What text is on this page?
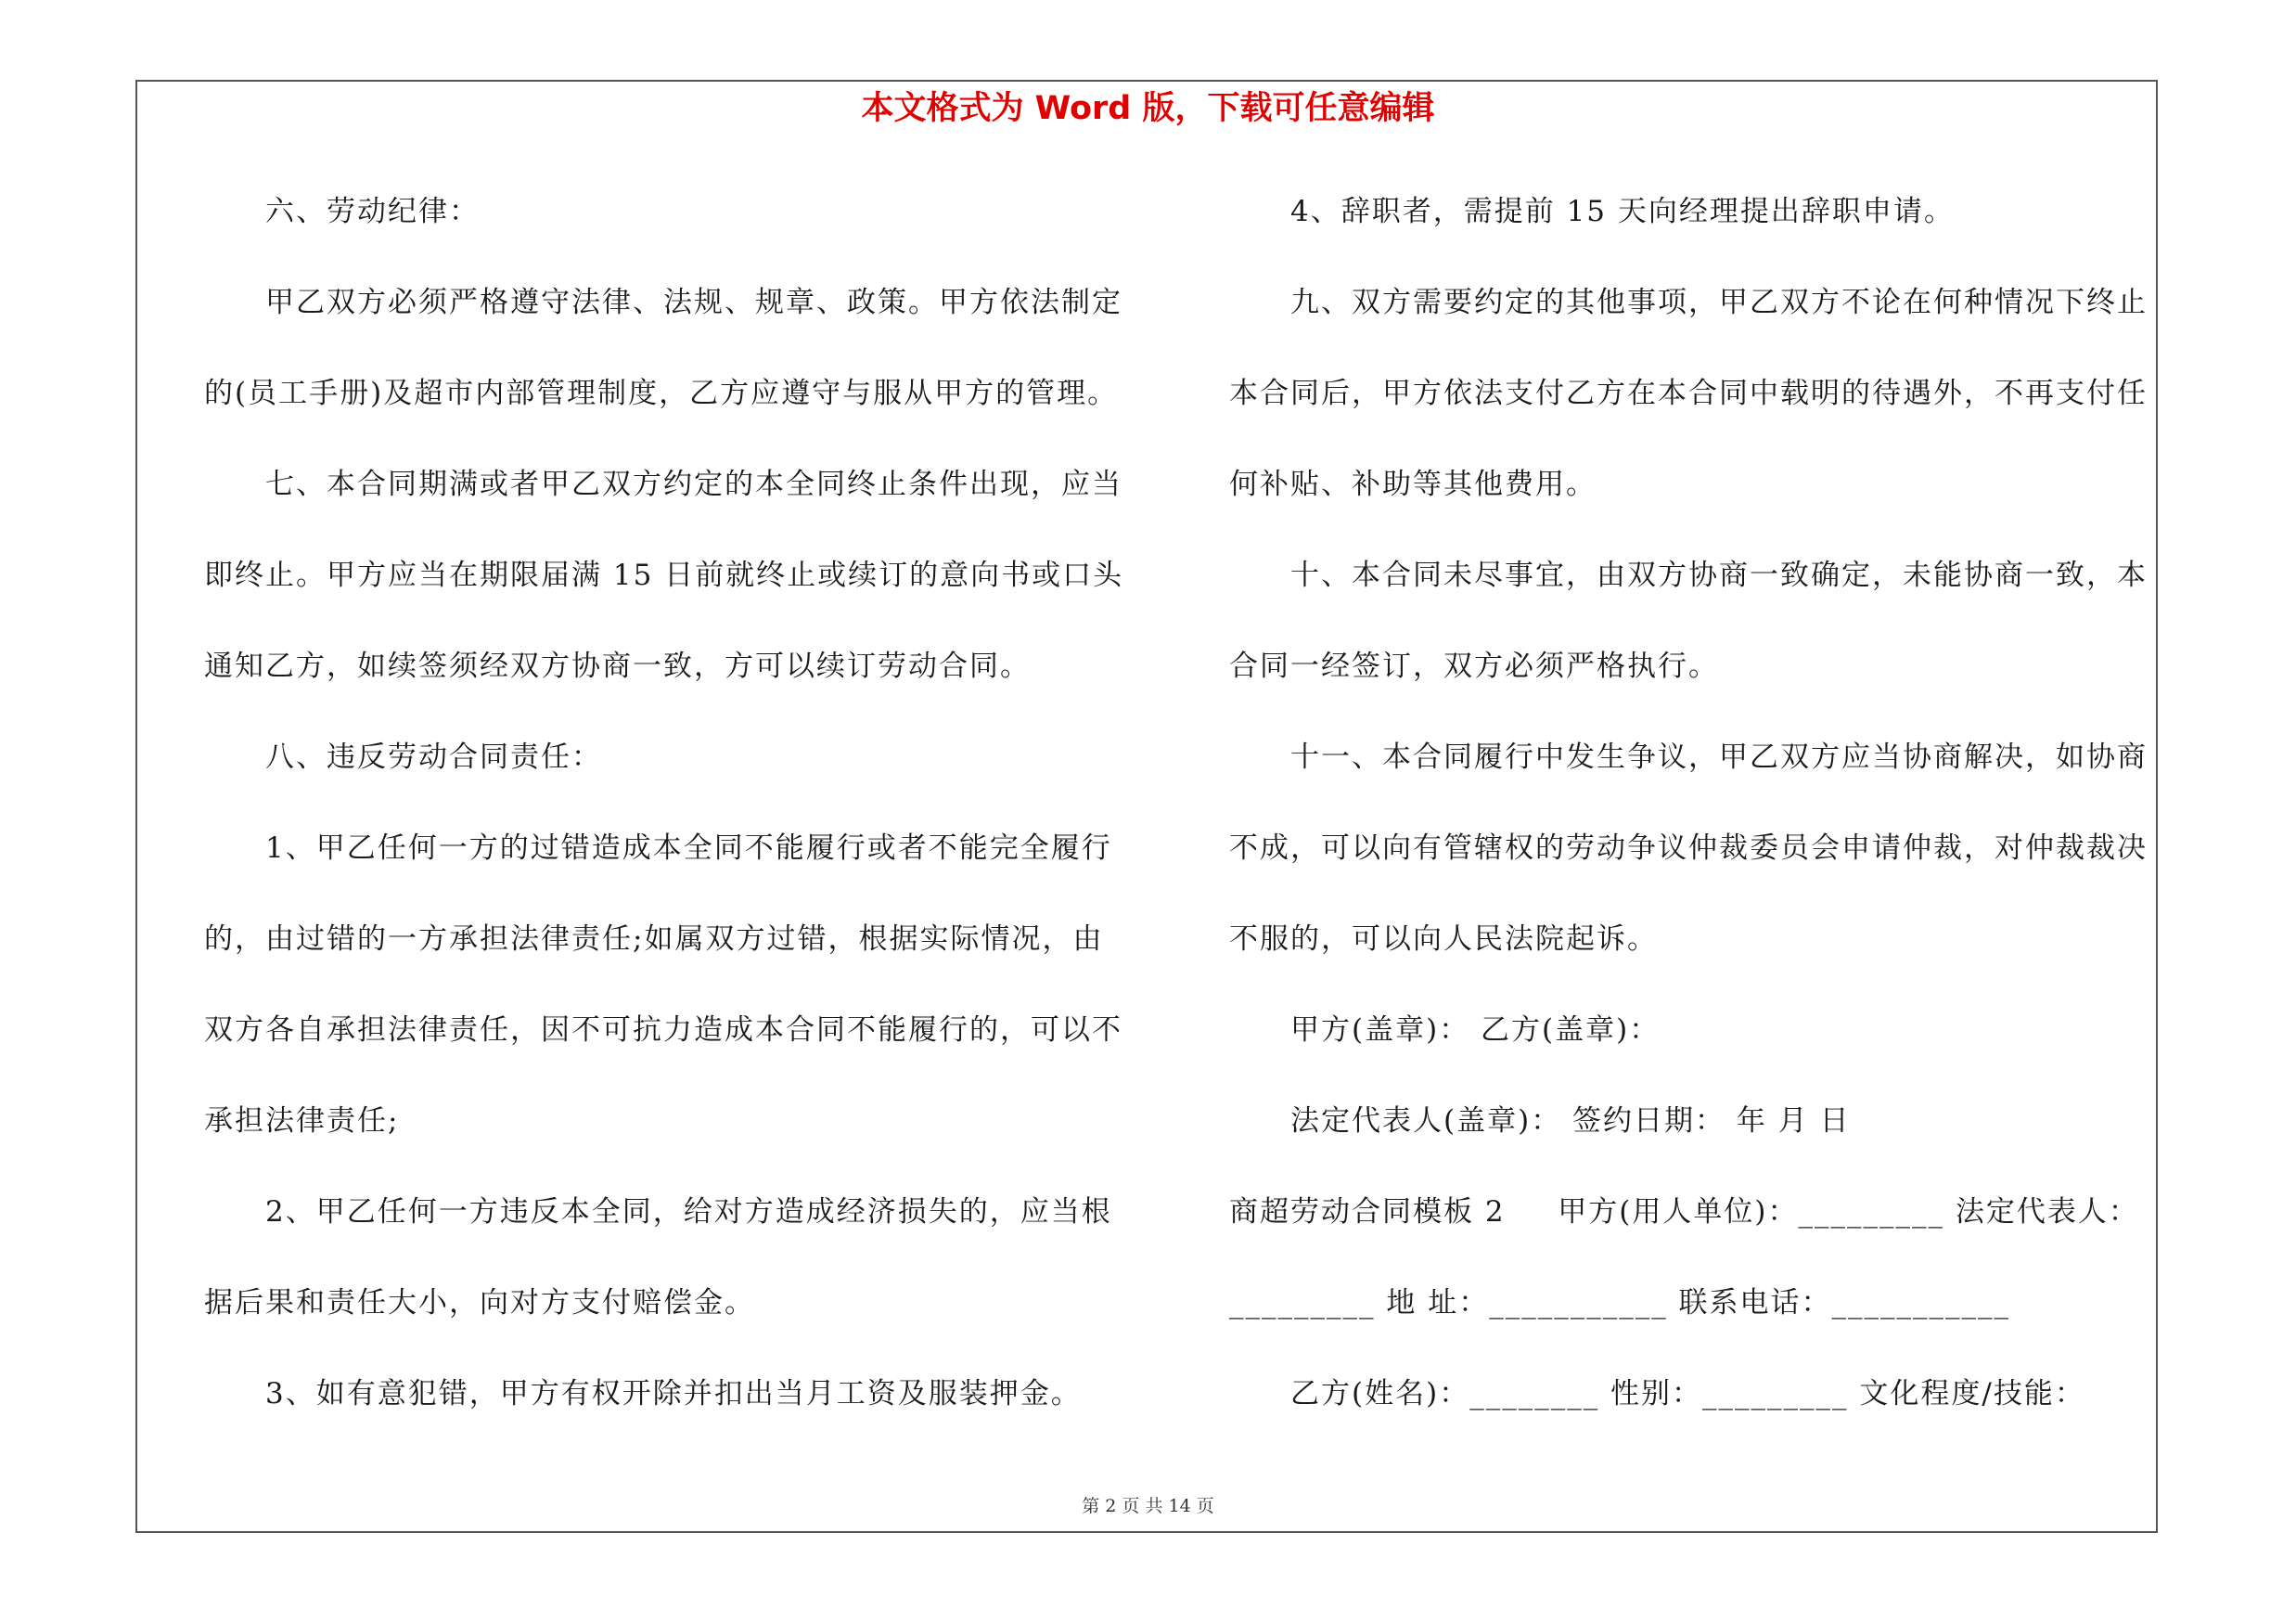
本文格式为 Word 版，下载可任意编辑
六、劳动纪律：
甲乙双方必须严格遵守法律、法规、规章、政策。甲方依法制定
的(员工手册)及超市内部管理制度，乙方应遵守与服从甲方的管理。
七、本合同期满或者甲乙双方约定的本全同终止条件出现，应当
即终止。甲方应当在期限届满 15 日前就终止或续订的意向书或口头
通知乙方，如续签须经双方协商一致，方可以续订劳动合同。
八、违反劳动合同责任：
1、甲乙任何一方的过错造成本全同不能履行或者不能完全履行
的，由过错的一方承担法律责任;如属双方过错，根据实际情况，由
双方各自承担法律责任，因不可抗力造成本合同不能履行的，可以不
承担法律责任;
2、甲乙任何一方违反本全同，给对方造成经济损失的，应当根
据后果和责任大小，向对方支付赔偿金。
3、如有意犯错，甲方有权开除并扣出当月工资及服装押金。
4、辞职者，需提前 15 天向经理提出辞职申请。
九、双方需要约定的其他事项，甲乙双方不论在何种情况下终止
本合同后，甲方依法支付乙方在本合同中载明的待遇外，不再支付任
何补贴、补助等其他费用。
十、本合同未尽事宜，由双方协商一致确定，未能协商一致，本
合同一经签订，双方必须严格执行。
十一、本合同履行中发生争议，甲乙双方应当协商解决，如协商
不成，可以向有管辖权的劳动争议仲裁委员会申请仲裁，对仲裁裁决
不服的，可以向人民法院起诉。
甲方(盖章)： 乙方(盖章)：
法定代表人(盖章)： 签约日期： 年 月 日
商超劳动合同模板 2 　 甲方(用人单位)：_________ 法定代表人：
_________ 地 址：___________ 联系电话：___________
乙方(姓名)：________ 性别：_________ 文化程度/技能：
第 2 页 共 14 页
